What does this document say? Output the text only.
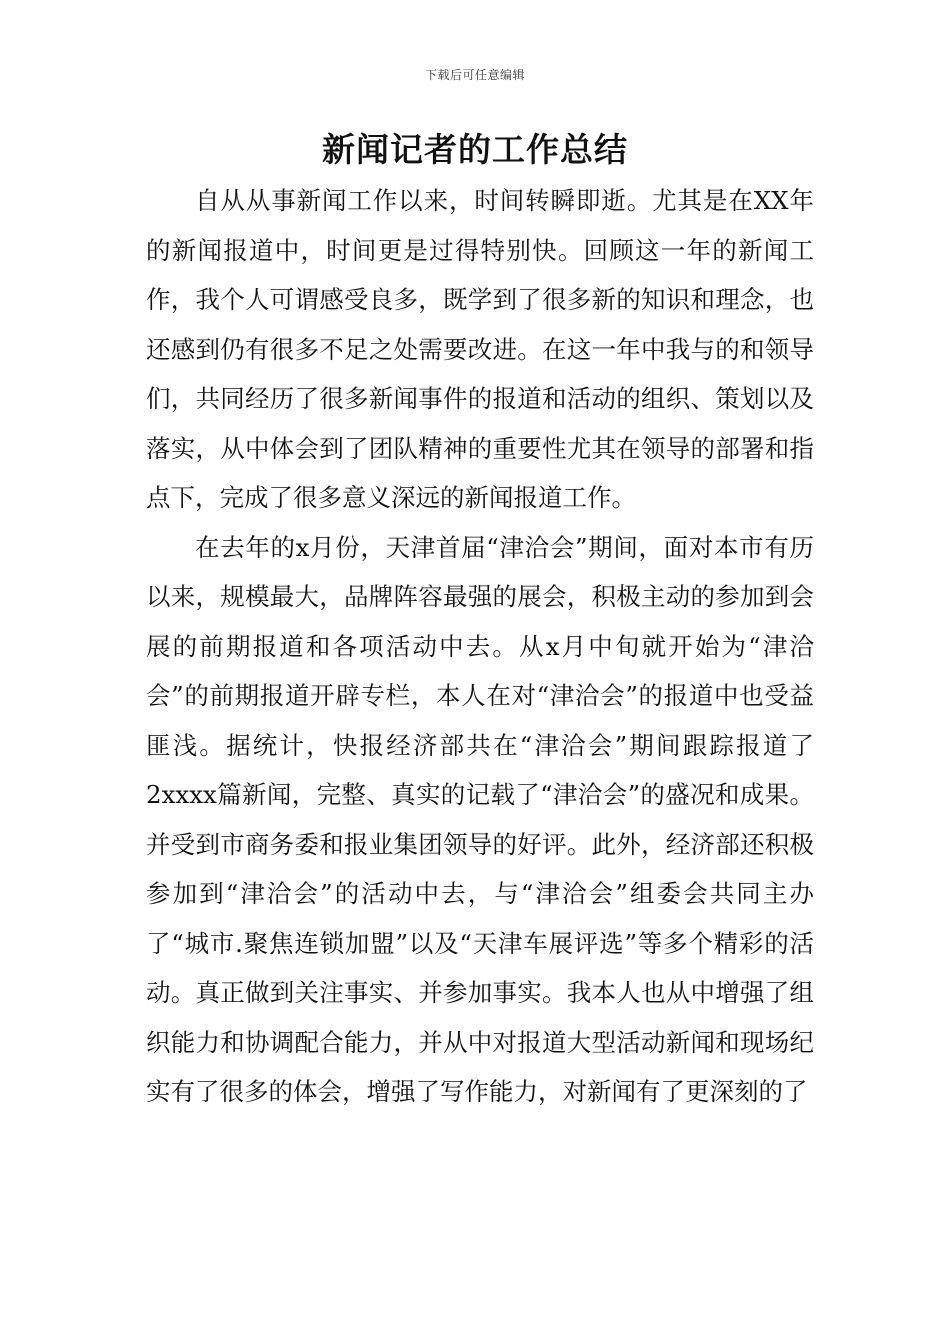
下载后可任意编辑
新闻记者的工作总结

自从从事新闻工作以来，时间转瞬即逝。尤其是在XX年的新闻报道中，时间更是过得特别快。回顾这一年的新闻工作，我个人可谓感受良多，既学到了很多新的知识和理念，也还感到仍有很多不足之处需要改进。在这一年中我与的和领导们，共同经历了很多新闻事件的报道和活动的组织、策划以及落实，从中体会到了团队精神的重要性尤其在领导的部署和指点下，完成了很多意义深远的新闻报道工作。

在去年的x月份，天津首届“津洽会”期间，面对本市有历以来，规模最大，品牌阵容最强的展会，积极主动的参加到会展的前期报道和各项活动中去。从x月中旬就开始为“津洽会”的前期报道开辟专栏，本人在对“津洽会”的报道中也受益匪浅。据统计，快报经济部共在“津洽会”期间跟踪报道了2xxxx篇新闻，完整、真实的记载了“津洽会”的盛况和成果。并受到市商务委和报业集团领导的好评。此外，经济部还积极参加到“津洽会”的活动中去，与“津洽会”组委会共同主办了“城市.聚焦连锁加盟”以及“天津车展评选”等多个精彩的活动。真正做到关注事实、并参加事实。我本人也从中增强了组织能力和协调配合能力，并从中对报道大型活动新闻和现场纪实有了很多的体会，增强了写作能力，对新闻有了更深刻的了
